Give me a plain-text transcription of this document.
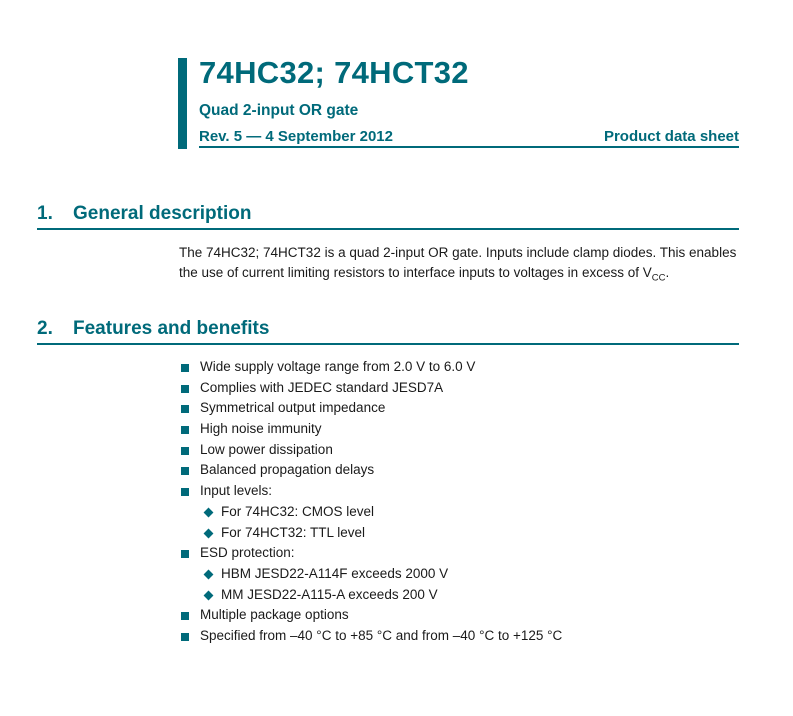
74HC32; 74HCT32
Quad 2-input OR gate
Rev. 5 — 4 September 2012	Product data sheet
1. General description
The 74HC32; 74HCT32 is a quad 2-input OR gate. Inputs include clamp diodes. This enables the use of current limiting resistors to interface inputs to voltages in excess of $V_{CC}$.
2. Features and benefits
Wide supply voltage range from 2.0 V to 6.0 V
Complies with JEDEC standard JESD7A
Symmetrical output impedance
High noise immunity
Low power dissipation
Balanced propagation delays
Input levels:
For 74HC32: CMOS level
For 74HCT32: TTL level
ESD protection:
HBM JESD22-A114F exceeds 2000 V
MM JESD22-A115-A exceeds 200 V
Multiple package options
Specified from –40 °C to +85 °C and from –40 °C to +125 °C
